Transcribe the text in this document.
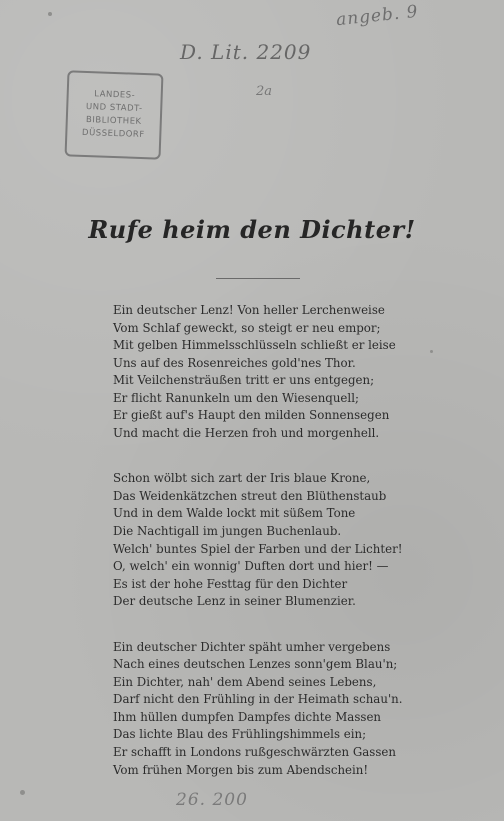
angeb. 9
D. Lit. 2209
2a
LANDES-
UND STADT-
BIBLIOTHEK
DÜSSELDORF
Rufe heim den Dichter!
Ein deutscher Lenz! Von heller Lerchenweise
Vom Schlaf geweckt, so steigt er neu empor;
Mit gelben Himmelsschlüsseln schließt er leise
Uns auf des Rosenreiches gold'nes Thor.
Mit Veilchensträußen tritt er uns entgegen;
Er flicht Ranunkeln um den Wiesenquell;
Er gießt auf's Haupt den milden Sonnensegen
Und macht die Herzen froh und morgenhell.
Schon wölbt sich zart der Iris blaue Krone,
Das Weidenkätzchen streut den Blüthenstaub
Und in dem Walde lockt mit süßem Tone
Die Nachtigall im jungen Buchenlaub.
Welch' buntes Spiel der Farben und der Lichter!
O, welch' ein wonnig' Duften dort und hier! —
Es ist der hohe Festtag für den Dichter
Der deutsche Lenz in seiner Blumenzier.
Ein deutscher Dichter späht umher vergebens
Nach eines deutschen Lenzes sonn'gem Blau'n;
Ein Dichter, nah' dem Abend seines Lebens,
Darf nicht den Frühling in der Heimath schau'n.
Ihm hüllen dumpfen Dampfes dichte Massen
Das lichte Blau des Frühlingshimmels ein;
Er schafft in Londons rußgeschwärzten Gassen
Vom frühen Morgen bis zum Abendschein!
26. 200
